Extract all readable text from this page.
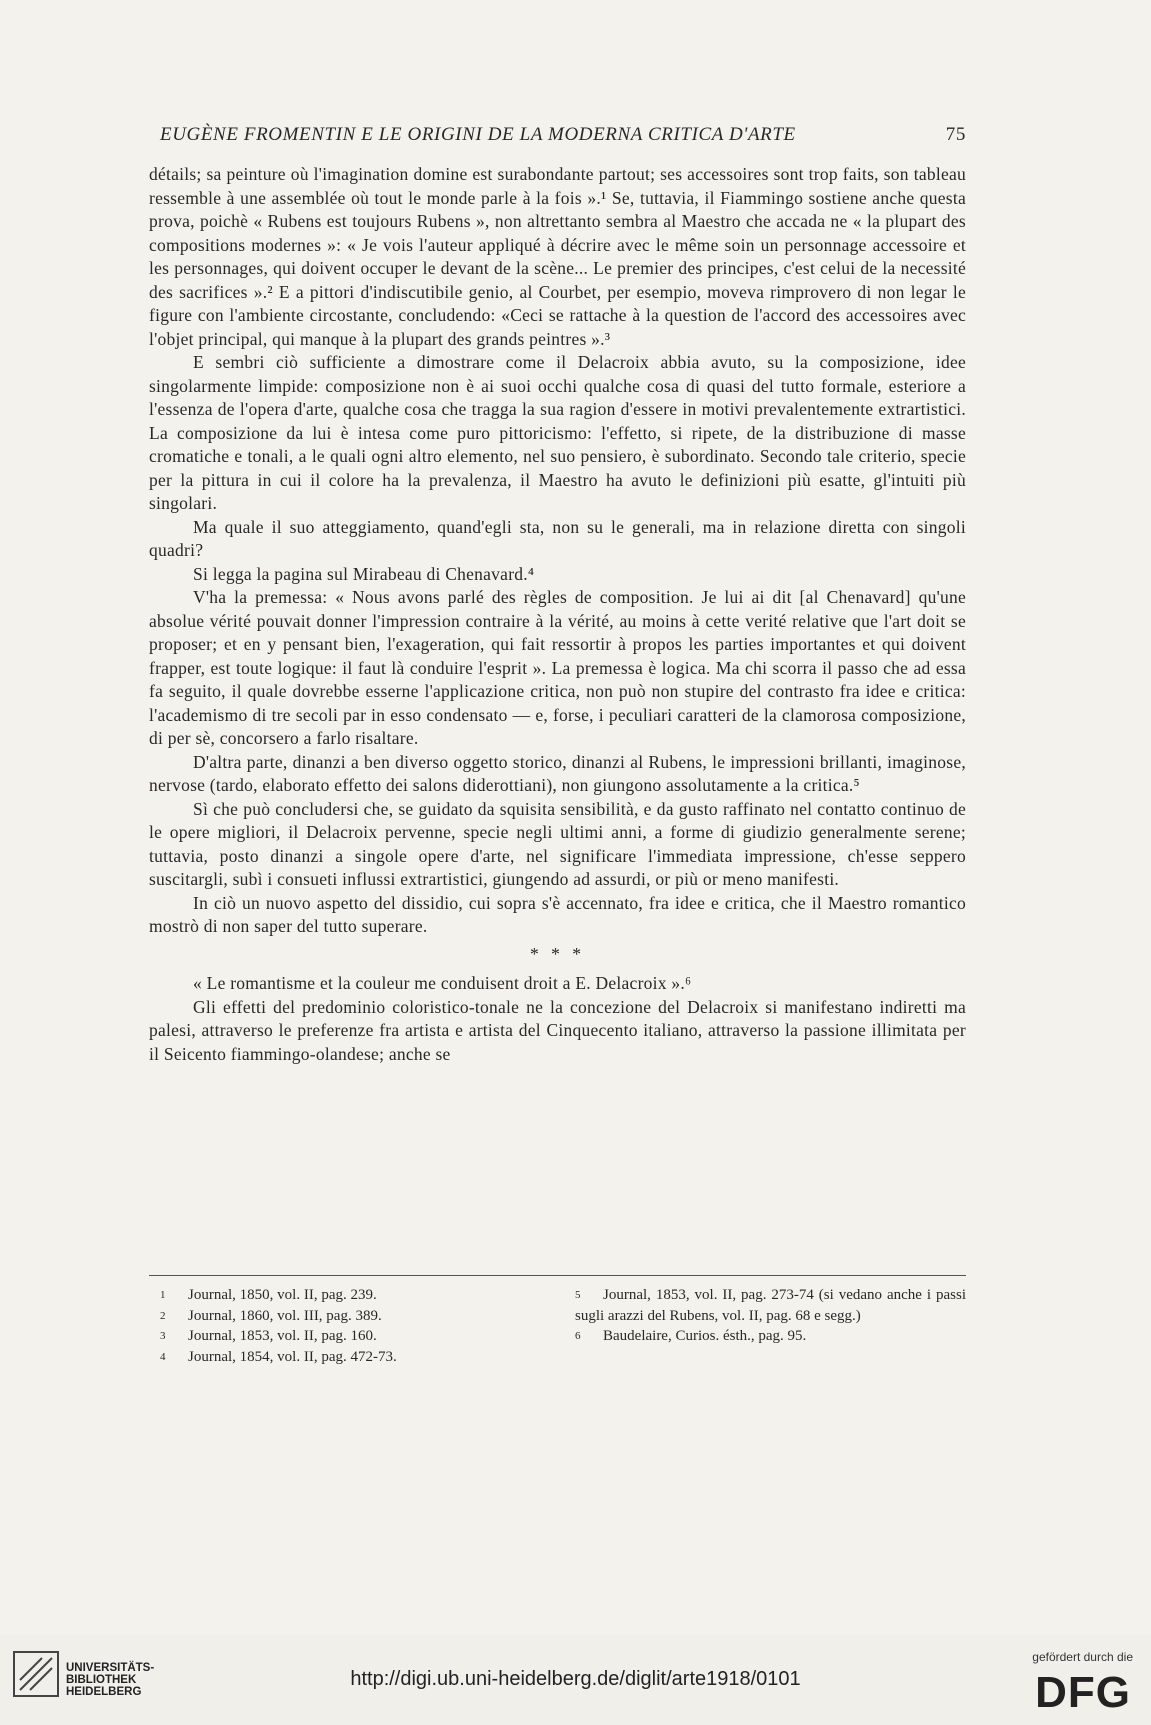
EUGÈNE FROMENTIN E LE ORIGINI DE LA MODERNA CRITICA D'ARTE	75

détails; sa peinture où l'imagination domine est surabondante partout; ses accessoires sont trop faits, son tableau ressemble à une assemblée où tout le monde parle à la fois ».¹ Se, tuttavia, il Fiammingo sostiene anche questa prova, poichè « Rubens est toujours Rubens », non altrettanto sembra al Maestro che accada ne « la plupart des compositions modernes »: « Je vois l'auteur appliqué à décrire avec le même soin un personnage accessoire et les personnages, qui doivent occuper le devant de la scène... Le premier des principes, c'est celui de la necessité des sacrifices ».² E a pittori d'indiscutibile genio, al Courbet, per esempio, moveva rimprovero di non legar le figure con l'ambiente circostante, concludendo: «Ceci se rattache à la question de l'accord des accessoires avec l'objet principal, qui manque à la plupart des grands peintres ».³

E sembri ciò sufficiente a dimostrare come il Delacroix abbia avuto, su la composizione, idee singolarmente limpide: composizione non è ai suoi occhi qualche cosa di quasi del tutto formale, esteriore a l'essenza de l'opera d'arte, qualche cosa che tragga la sua ragion d'essere in motivi prevalentemente extrartistici. La composizione da lui è intesa come puro pittoricismo: l'effetto, si ripete, de la distribuzione di masse cromatiche e tonali, a le quali ogni altro elemento, nel suo pensiero, è subordinato. Secondo tale criterio, specie per la pittura in cui il colore ha la prevalenza, il Maestro ha avuto le definizioni più esatte, gl'intuiti più singolari.

Ma quale il suo atteggiamento, quand'egli sta, non su le generali, ma in relazione diretta con singoli quadri?

Si legga la pagina sul Mirabeau di Chenavard.⁴

V'ha la premessa: « Nous avons parlé des règles de composition. Je lui ai dit [al Chenavard] qu'une absolue vérité pouvait donner l'impression contraire à la vérité, au moins à cette verité relative que l'art doit se proposer; et en y pensant bien, l'exageration, qui fait ressortir à propos les parties importantes et qui doivent frapper, est toute logique: il faut là conduire l'esprit ». La premessa è logica. Ma chi scorra il passo che ad essa fa seguito, il quale dovrebbe esserne l'applicazione critica, non può non stupire del contrasto fra idee e critica: l'academismo di tre secoli par in esso condensato — e, forse, i peculiari caratteri de la clamorosa composizione, di per sè, concorsero a farlo risaltare.

D'altra parte, dinanzi a ben diverso oggetto storico, dinanzi al Rubens, le impressioni brillanti, imaginose, nervose (tardo, elaborato effetto dei salons diderottiani), non giungono assolutamente a la critica.⁵

Sì che può concludersi che, se guidato da squisita sensibilità, e da gusto raffinato nel contatto continuo de le opere migliori, il Delacroix pervenne, specie negli ultimi anni, a forme di giudizio generalmente serene; tuttavia, posto dinanzi a singole opere d'arte, nel significare l'immediata impressione, ch'esse seppero suscitargli, subì i consueti influssi extrartistici, giungendo ad assurdi, or più or meno manifesti.

In ciò un nuovo aspetto del dissidio, cui sopra s'è accennato, fra idee e critica, che il Maestro romantico mostrò di non saper del tutto superare.

* * *

« Le romantisme et la couleur me conduisent droit a E. Delacroix ».⁶

Gli effetti del predominio coloristico-tonale ne la concezione del Delacroix si manifestano indiretti ma palesi, attraverso le preferenze fra artista e artista del Cinquecento italiano, attraverso la passione illimitata per il Seicento fiammingo-olandese; anche se

1 Journal, 1850, vol. II, pag. 239.

2 Journal, 1860, vol. III, pag. 389.

3 Journal, 1853, vol. II, pag. 160.

4 Journal, 1854, vol. II, pag. 472-73.

5 Journal, 1853, vol. II, pag. 273-74 (si vedano anche i passi sugli arazzi del Rubens, vol. II, pag. 68 e segg.)

6 Baudelaire, Curios. ésth., pag. 95.

UNIVERSITÄTS-
BIBLIOTHEK
HEIDELBERG
http://digi.ub.uni-heidelberg.de/diglit/arte1918/0101
gefördert durch die
DFG
